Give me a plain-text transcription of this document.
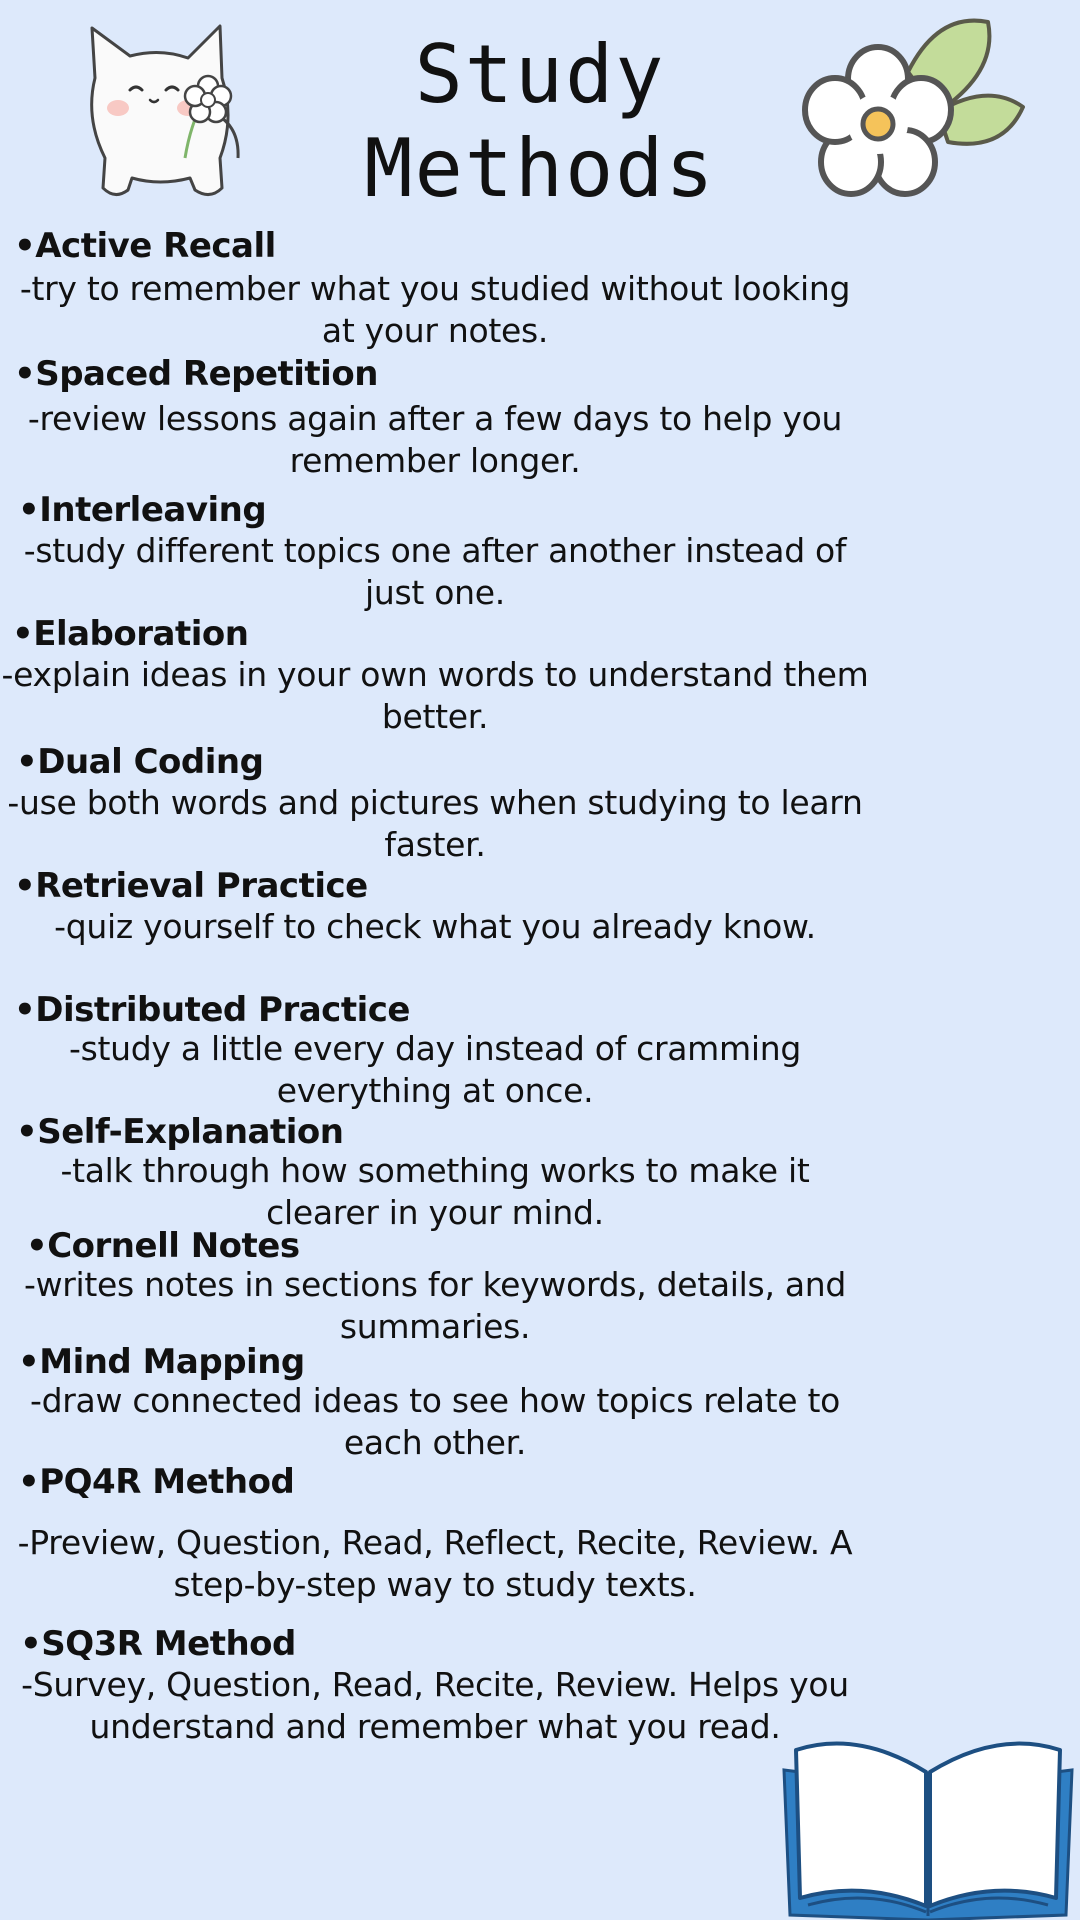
Study
Methods
•Active Recall
-try to remember what you studied without looking at your notes.
•Spaced Repetition
-review lessons again after a few days to help you remember longer.
•Interleaving
-study different topics one after another instead of just one.
•Elaboration
-explain ideas in your own words to understand them better.
•Dual Coding
-use both words and pictures when studying to learn faster.
•Retrieval Practice
-quiz yourself to check what you already know.
•Distributed Practice
-study a little every day instead of cramming everything at once.
•Self-Explanation
-talk through how something works to make it clearer in your mind.
•Cornell Notes
-writes notes in sections for keywords, details, and summaries.
•Mind Mapping
-draw connected ideas to see how topics relate to each other.
•PQ4R Method
-Preview, Question, Read, Reflect, Recite, Review. A step-by-step way to study texts.
•SQ3R Method
-Survey, Question, Read, Recite, Review. Helps you understand and remember what you read.
